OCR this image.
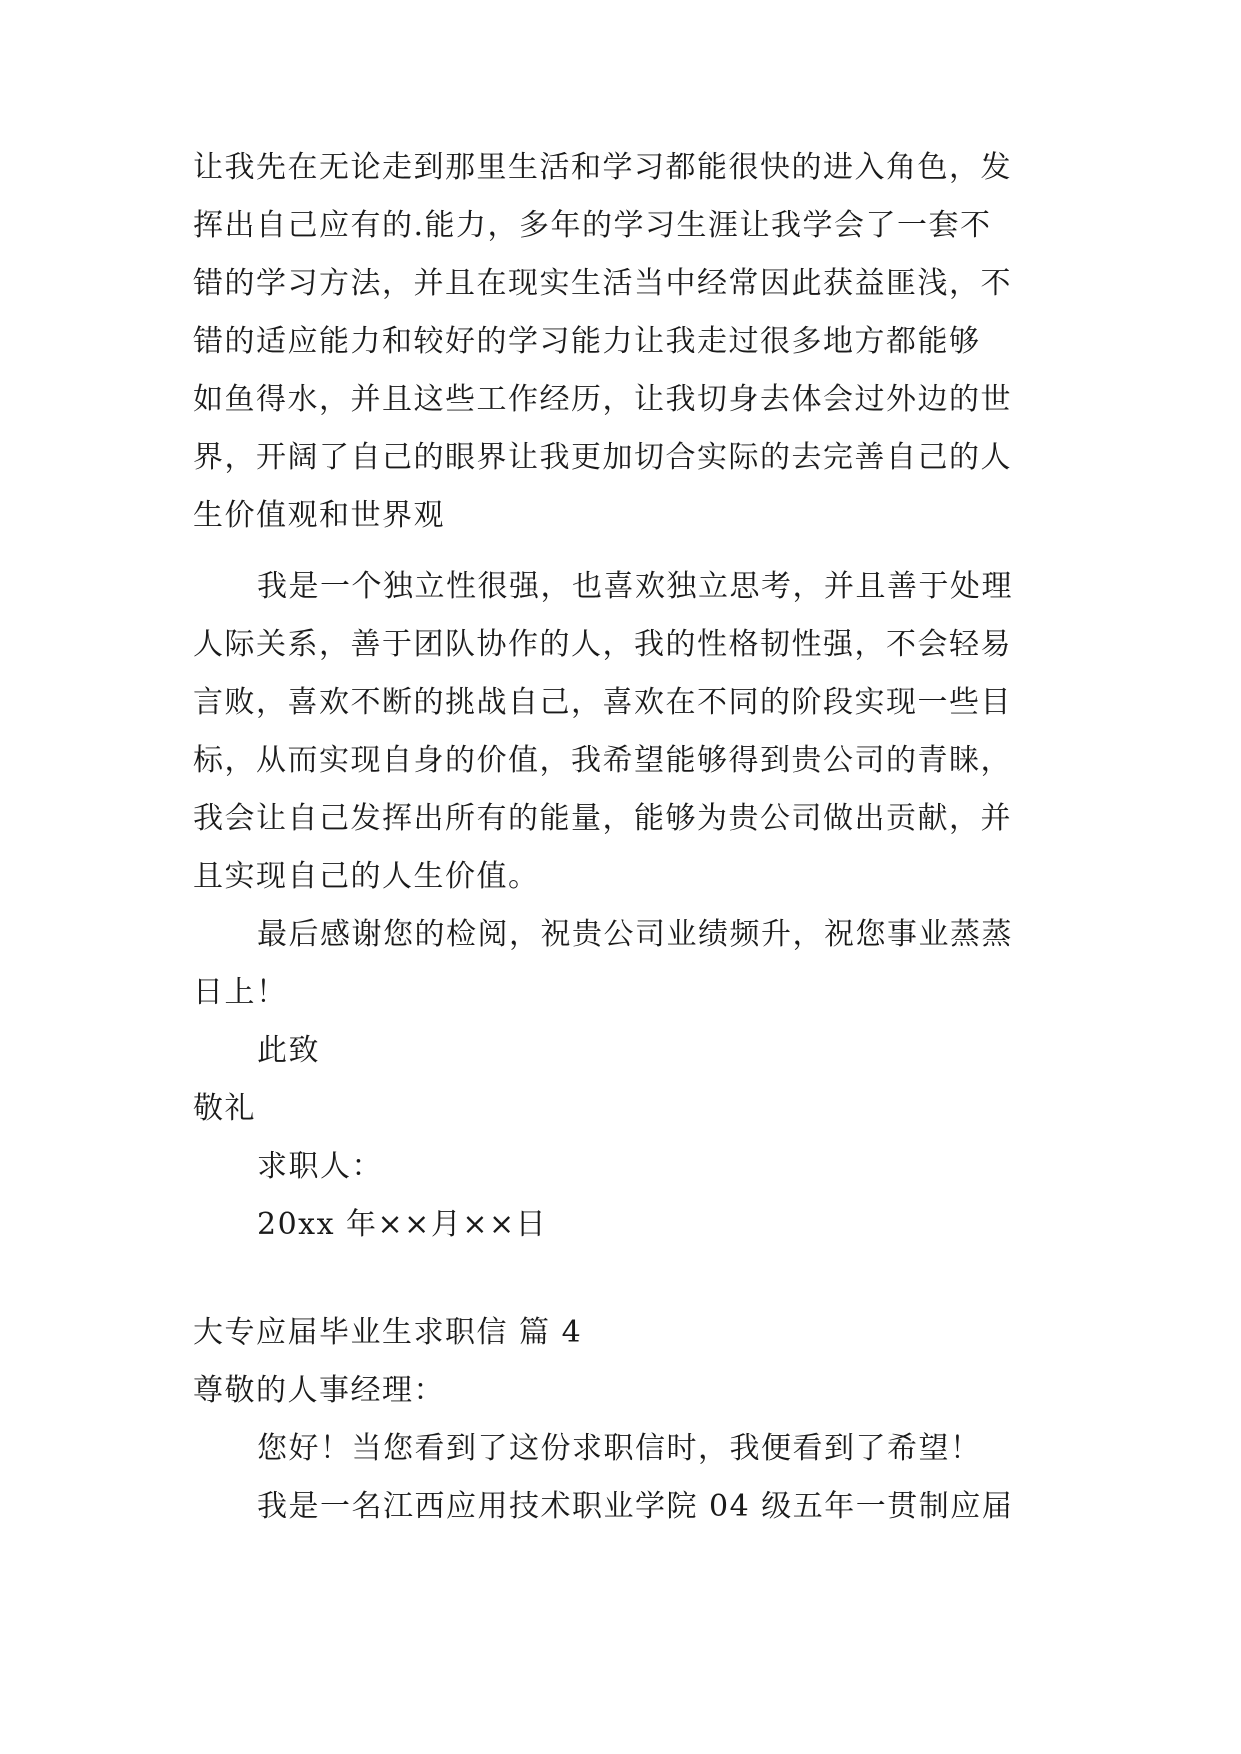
让我先在无论走到那里生活和学习都能很快的进入角色，发
挥出自己应有的.能力，多年的学习生涯让我学会了一套不
错的学习方法，并且在现实生活当中经常因此获益匪浅，不
错的适应能力和较好的学习能力让我走过很多地方都能够
如鱼得水，并且这些工作经历，让我切身去体会过外边的世
界，开阔了自己的眼界让我更加切合实际的去完善自己的人
生价值观和世界观
我是一个独立性很强，也喜欢独立思考，并且善于处理
人际关系，善于团队协作的人，我的性格韧性强，不会轻易
言败，喜欢不断的挑战自己，喜欢在不同的阶段实现一些目
标，从而实现自身的价值，我希望能够得到贵公司的青睐，
我会让自己发挥出所有的能量，能够为贵公司做出贡献，并
且实现自己的人生价值。
最后感谢您的检阅，祝贵公司业绩频升，祝您事业蒸蒸
日上！
此致
敬礼
求职人：
20xx 年××月××日
大专应届毕业生求职信 篇 4
尊敬的人事经理：
您好！当您看到了这份求职信时，我便看到了希望！
我是一名江西应用技术职业学院 04 级五年一贯制应届
